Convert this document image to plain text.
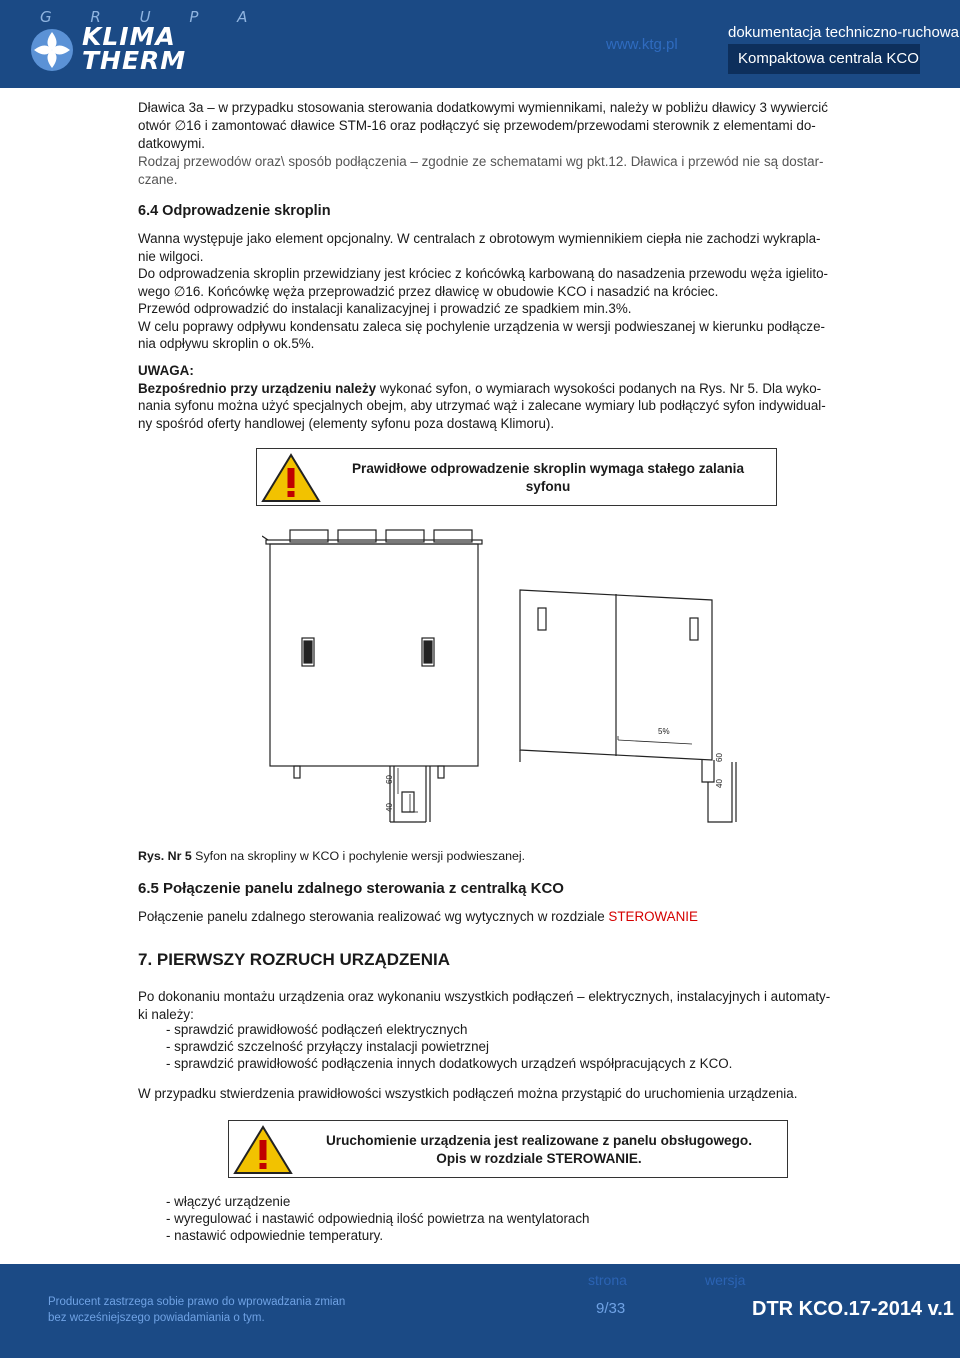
G R U P A
KLIMA
THERM
www.ktg.pl
dokumentacja techniczno-ruchowa
Kompaktowa centrala KCO
Dławica 3a – w przypadku stosowania sterowania dodatkowymi wymiennikami, należy w pobliżu dławicy 3 wywiercić
otwór ∅16 i zamontować dławice STM-16 oraz podłączyć się przewodem/przewodami sterownik z elementami do-
datkowymi.
Rodzaj przewodów oraz\ sposób podłączenia – zgodnie ze schematami wg pkt.12. Dławica i przewód nie są dostar-
czane.
6.4 Odprowadzenie skroplin
Wanna występuje jako element opcjonalny. W centralach z obrotowym wymiennikiem ciepła nie zachodzi wykrapla-
nie wilgoci.
Do odprowadzenia skroplin przewidziany jest króciec z końcówką karbowaną do nasadzenia przewodu węża igielito-
wego ∅16. Końcówkę węża przeprowadzić przez dławicę w obudowie KCO i nasadzić na króciec.
Przewód odprowadzić do instalacji kanalizacyjnej i prowadzić ze spadkiem min.3%.
W celu poprawy odpływu kondensatu zaleca się pochylenie urządzenia w wersji podwieszanej w kierunku podłącze-
nia odpływu skroplin o ok.5%.
UWAGA:
Bezpośrednio przy urządzeniu należy wykonać syfon, o wymiarach wysokości podanych na Rys. Nr 5. Dla wyko-
nania syfonu można użyć specjalnych obejm, aby utrzymać wąż i zalecane wymiary lub podłączyć syfon indywidual-
ny spośród oferty handlowej (elementy syfonu poza dostawą Klimoru).
Prawidłowe odprowadzenie skroplin wymaga stałego zalania
syfonu
60
40
5%
60
40
Rys. Nr 5 Syfon na skropliny w KCO i pochylenie wersji podwieszanej.
6.5 Połączenie panelu zdalnego sterowania z centralką KCO
Połączenie panelu zdalnego sterowania realizować wg wytycznych w rozdziale STEROWANIE
7. PIERWSZY ROZRUCH URZĄDZENIA
Po dokonaniu montażu urządzenia oraz wykonaniu wszystkich podłączeń – elektrycznych, instalacyjnych i automaty-
ki należy:
- sprawdzić prawidłowość podłączeń elektrycznych
- sprawdzić szczelność przyłączy instalacji powietrznej
- sprawdzić prawidłowość podłączenia innych dodatkowych urządzeń współpracujących z KCO.
W przypadku stwierdzenia prawidłowości wszystkich podłączeń można przystąpić do uruchomienia urządzenia.
Uruchomienie urządzenia jest realizowane z panelu obsługowego.
Opis w rozdziale STEROWANIE.
- włączyć urządzenie
- wyregulować i nastawić odpowiednią ilość powietrza na wentylatorach
- nastawić odpowiednie temperatury.
Producent zastrzega sobie prawo do wprowadzania zmian
bez wcześniejszego powiadamiania o tym.
strona	wersja
9/33	DTR KCO.17-2014 v.1
